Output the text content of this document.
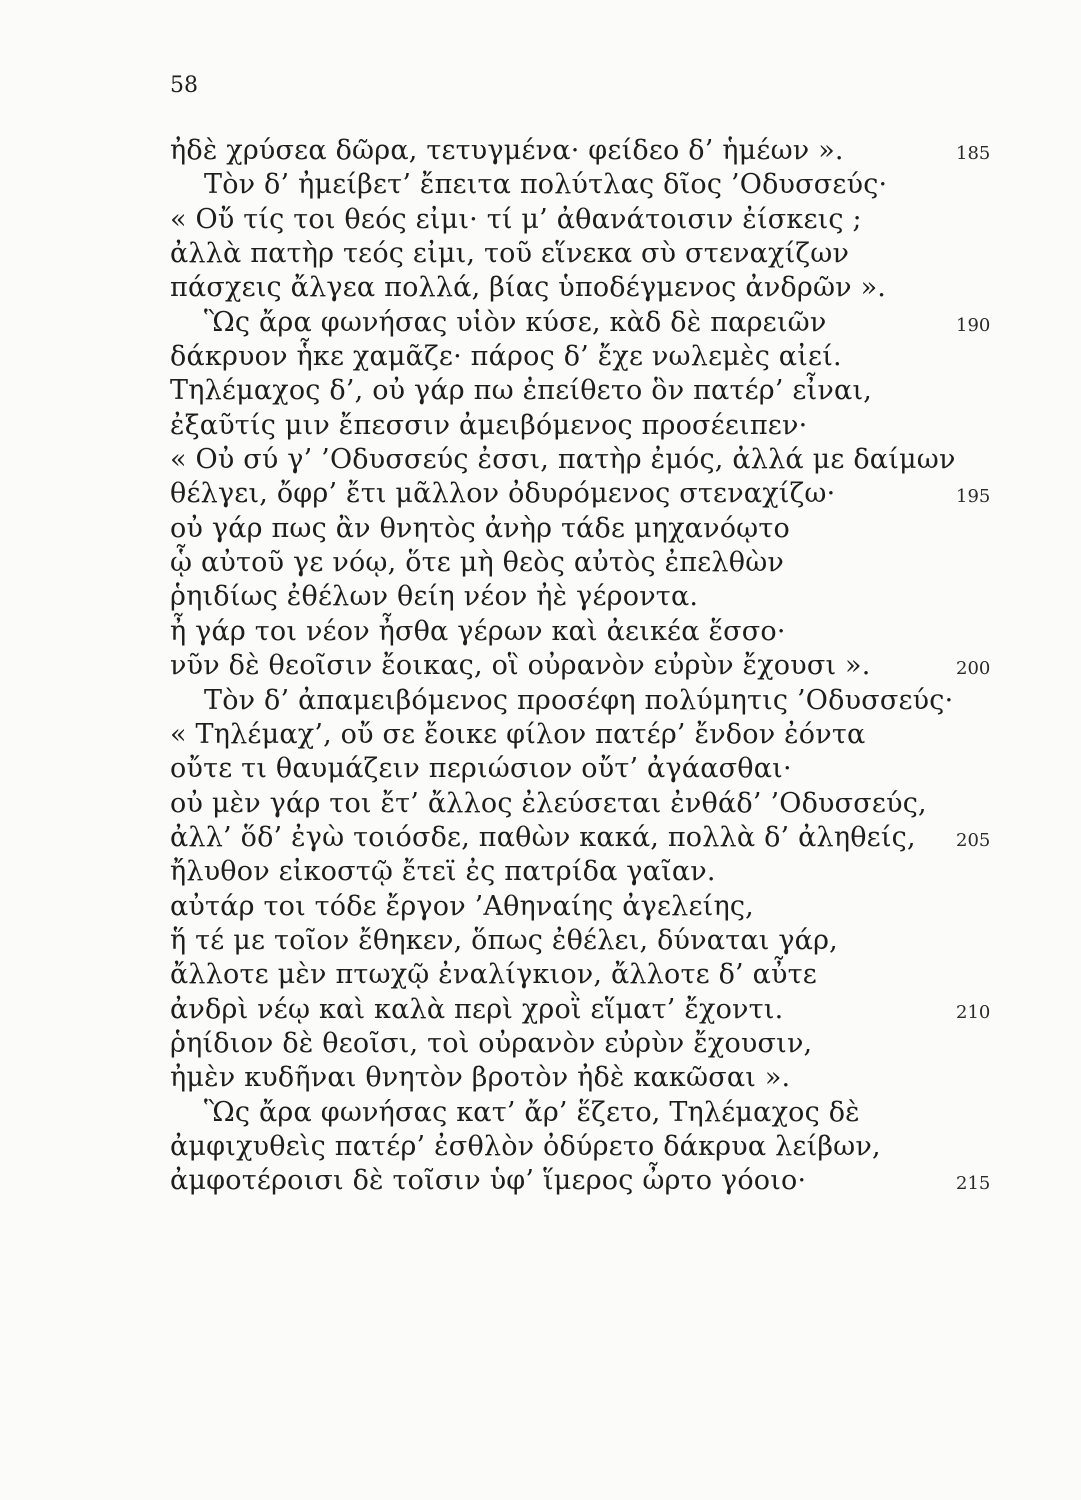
58
ἠδὲ χρύσεα δῶρα, τετυγμένα· φείδεο δ’ ἡμέων ».	185
Τὸν δ’ ἠμείβετ’ ἔπειτα πολύτλας δῖος ’Οδυσσεύς·
« Οὔ τίς τοι θεός εἰμι· τί μ’ ἀθανάτοισιν ἐίσκεις ;
ἀλλὰ πατὴρ τεός εἰμι, τοῦ εἵνεκα σὺ στεναχίζων
πάσχεις ἄλγεα πολλά, βίας ὑποδέγμενος ἀνδρῶν ».
Ὣς ἄρα φωνήσας υἱὸν κύσε, κὰδ δὲ παρειῶν	190
δάκρυον ἧκε χαμᾶζε· πάρος δ’ ἔχε νωλεμὲς αἰεί.
Τηλέμαχος δ’, οὐ γάρ πω ἐπείθετο ὃν πατέρ’ εἶναι,
ἐξαῦτίς μιν ἔπεσσιν ἀμειβόμενος προσέειπεν·
« Οὐ σύ γ’ ’Οδυσσεύς ἐσσι, πατὴρ ἐμός, ἀλλά με δαίμων
θέλγει, ὄφρ’ ἔτι μᾶλλον ὀδυρόμενος στεναχίζω·	195
οὐ γάρ πως ἂν θνητὸς ἀνὴρ τάδε μηχανόῳτο
ᾧ αὐτοῦ γε νόῳ, ὅτε μὴ θεὸς αὐτὸς ἐπελθὼν
ῥηιδίως ἐθέλων θείη νέον ἠὲ γέροντα.
ἦ γάρ τοι νέον ἦσθα γέρων καὶ ἀεικέα ἕσσο·
νῦν δὲ θεοῖσιν ἔοικας, οἳ οὐρανὸν εὐρὺν ἔχουσι ».	200
Τὸν δ’ ἀπαμειβόμενος προσέφη πολύμητις ’Οδυσσεύς·
« Τηλέμαχ’, οὔ σε ἔοικε φίλον πατέρ’ ἔνδον ἐόντα
οὔτε τι θαυμάζειν περιώσιον οὔτ’ ἀγάασθαι·
οὐ μὲν γάρ τοι ἔτ’ ἄλλος ἐλεύσεται ἐνθάδ’ ’Οδυσσεύς,
ἀλλ’ ὅδ’ ἐγὼ τοιόσδε, παθὼν κακά, πολλὰ δ’ ἀληθείς, 205
ἤλυθον εἰκοστῷ ἔτεϊ ἐς πατρίδα γαῖαν.
αὐτάρ τοι τόδε ἔργον ’Αθηναίης ἀγελείης,
ἥ τέ με τοῖον ἔθηκεν, ὅπως ἐθέλει, δύναται γάρ,
ἄλλοτε μὲν πτωχῷ ἐναλίγκιον, ἄλλοτε δ’ αὖτε
ἀνδρὶ νέῳ καὶ καλὰ περὶ χροῒ εἵματ’ ἔχοντι.	210
ῥηίδιον δὲ θεοῖσι, τοὶ οὐρανὸν εὐρὺν ἔχουσιν,
ἠμὲν κυδῆναι θνητὸν βροτὸν ἠδὲ κακῶσαι ».
Ὣς ἄρα φωνήσας κατ’ ἄρ’ ἕζετο, Τηλέμαχος δὲ
ἀμφιχυθεὶς πατέρ’ ἐσθλὸν ὀδύρετο δάκρυα λείβων,
ἀμφοτέροισι δὲ τοῖσιν ὑφ’ ἵμερος ὦρτο γόοιο·	215
